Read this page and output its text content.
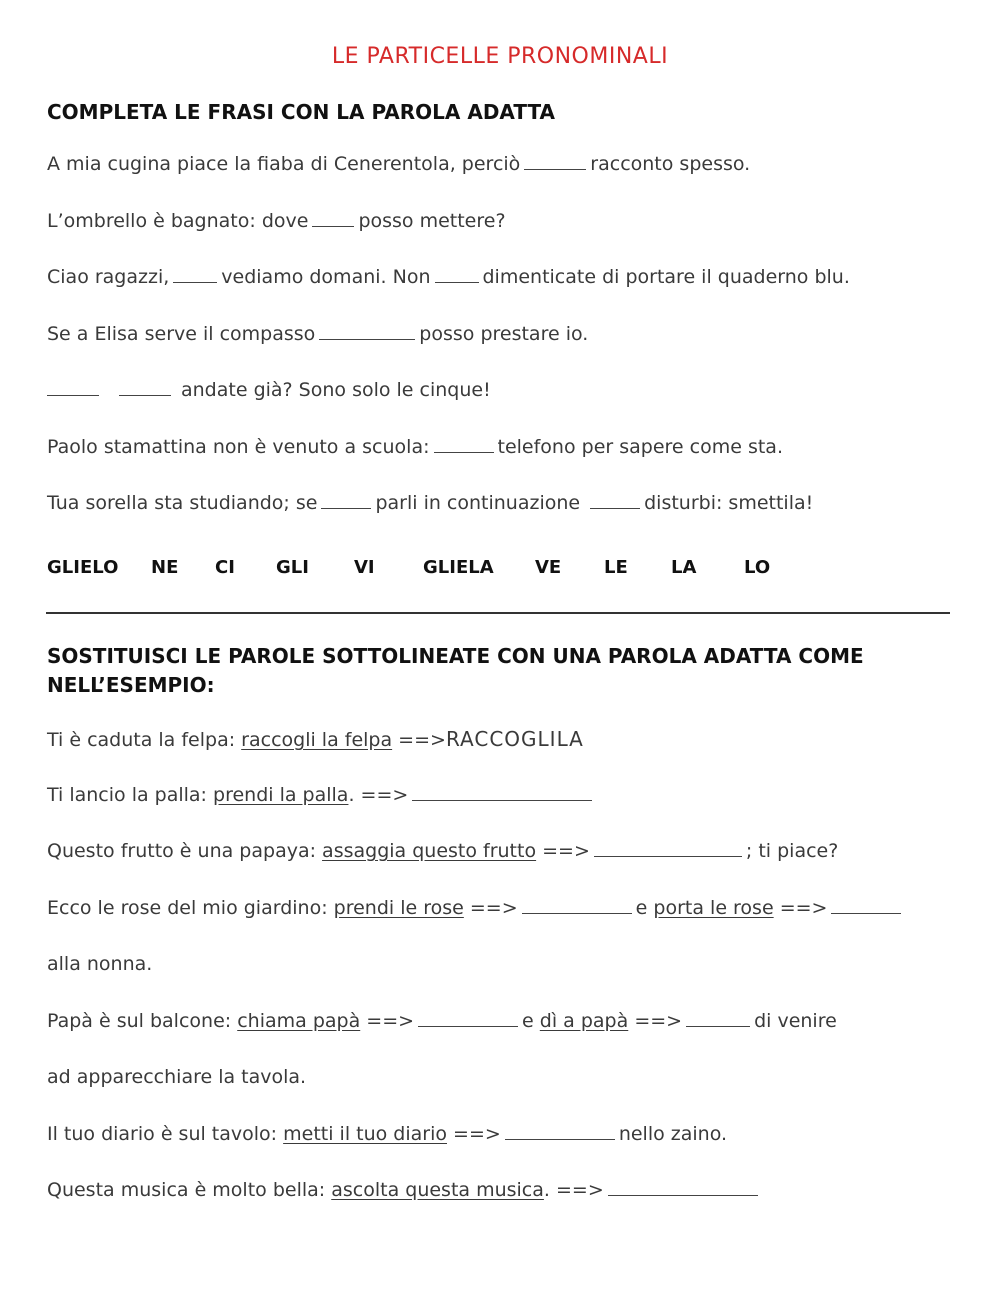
LE PARTICELLE PRONOMINALI
COMPLETA LE FRASI CON LA PAROLA ADATTA
A mia cugina piace la fiaba di Cenerentola, perciò	racconto spesso.
L’ombrello è bagnato: dove	posso mettere?
Ciao ragazzi,	vediamo domani. Non	dimenticate di portare il quaderno blu.
Se a Elisa serve il compasso	posso prestare io.
andate già? Sono solo le cinque!
Paolo stamattina non è venuto a scuola:	telefono per sapere come sta.
Tua sorella sta studiando; se	parli in continuazione	disturbi: smettila!
GLIELO NE CI GLI	VI	GLIELA VE LE LA	LO
SOSTITUISCI LE PAROLE SOTTOLINEATE CON UNA PAROLA ADATTA COME NELL’ESEMPIO:
Ti è caduta la felpa: raccogli la felpa ==>RACCOGLILA
Ti lancio la palla: prendi la palla. ==>
Questo frutto è una papaya: assaggia questo frutto ==>	; ti piace?
Ecco le rose del mio giardino: prendi le rose ==>	e porta le rose ==>
alla nonna.
Papà è sul balcone: chiama papà ==>	e dì a papà ==>	di venire
ad apparecchiare la tavola.
Il tuo diario è sul tavolo: metti il tuo diario ==>	nello zaino.
Questa musica è molto bella: ascolta questa musica. ==>
